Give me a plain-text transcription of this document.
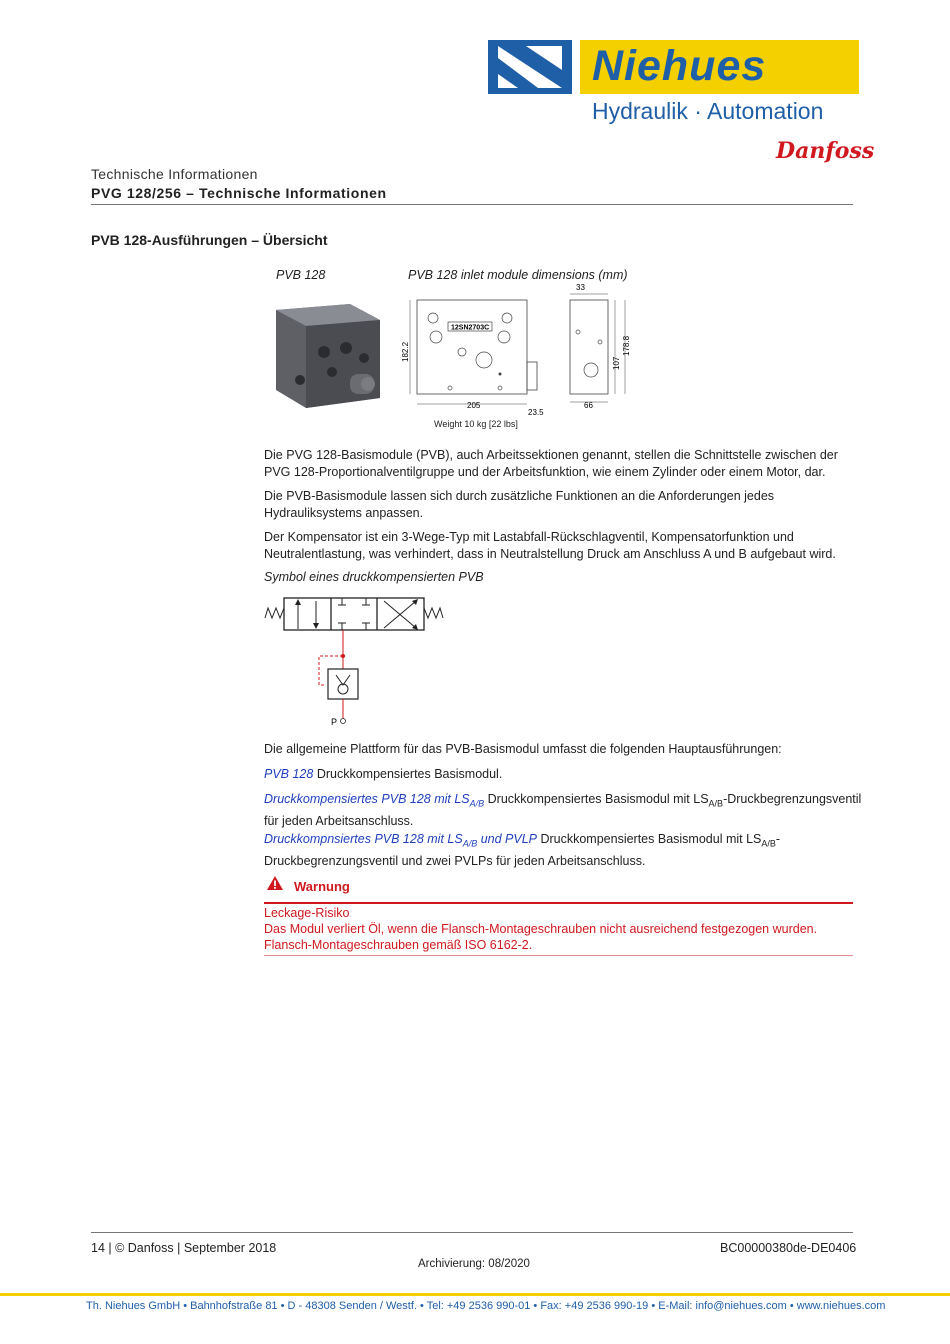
Niehues
Hydraulik · Automation
Danfoss
Technische Informationen
PVG 128/256 – Technische Informationen
PVB 128-Ausführungen – Übersicht
PVB 128	PVB 128 inlet module dimensions (mm)
12SN2703C
182.2
205
23.5
33
107
178.8
66
Weight 10 kg [22 lbs]
Die PVG 128-Basismodule (PVB), auch Arbeitssektionen genannt, stellen die Schnittstelle zwischen der PVG 128-Proportionalventilgruppe und der Arbeitsfunktion, wie einem Zylinder oder einem Motor, dar.
Die PVB-Basismodule lassen sich durch zusätzliche Funktionen an die Anforderungen jedes Hydrauliksystems anpassen.
Der Kompensator ist ein 3-Wege-Typ mit Lastabfall-Rückschlagventil, Kompensatorfunktion und Neutralentlastung, was verhindert, dass in Neutralstellung Druck am Anschluss A und B aufgebaut wird.
Symbol eines druckkompensierten PVB
P
Die allgemeine Plattform für das PVB-Basismodul umfasst die folgenden Hauptausführungen:
PVB 128 Druckkompensiertes Basismodul.
Druckkompensiertes PVB 128 mit $LS_{A/B}$ Druckkompensiertes Basismodul mit $LS_{A/B}$-Druckbegrenzungsventil für jeden Arbeitsanschluss.
Druckkompnsiertes PVB 128 mit $LS_{A/B}$ und PVLP Druckkompensiertes Basismodul mit $LS_{A/B}$-Druckbegrenzungsventil und zwei PVLPs für jeden Arbeitsanschluss.
Warnung
Leckage-Risiko
Das Modul verliert Öl, wenn die Flansch-Montageschrauben nicht ausreichend festgezogen wurden.
Flansch-Montageschrauben gemäß ISO 6162-2.
14 | © Danfoss | September 2018	BC00000380de-DE0406
Archivierung: 08/2020
Th. Niehues GmbH • Bahnhofstraße 81 • D - 48308 Senden / Westf. • Tel: +49 2536 990-01 • Fax: +49 2536 990-19 • E-Mail: info@niehues.com • www.niehues.com
